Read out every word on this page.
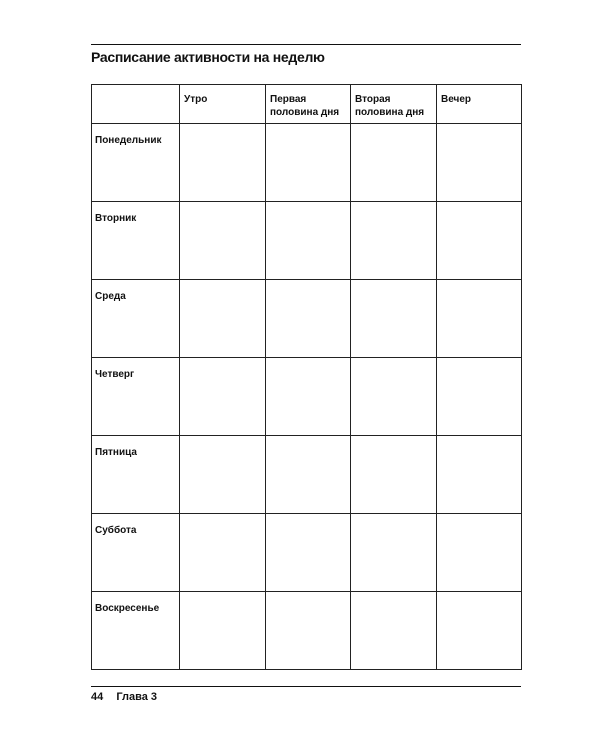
Расписание активности на неделю
	Утро	Первая половина дня	Вторая половина дня	Вечер
Понедельник				
Вторник				
Среда				
Четверг				
Пятница				
Суббота				
Воскресенье				
44 Глава 3
